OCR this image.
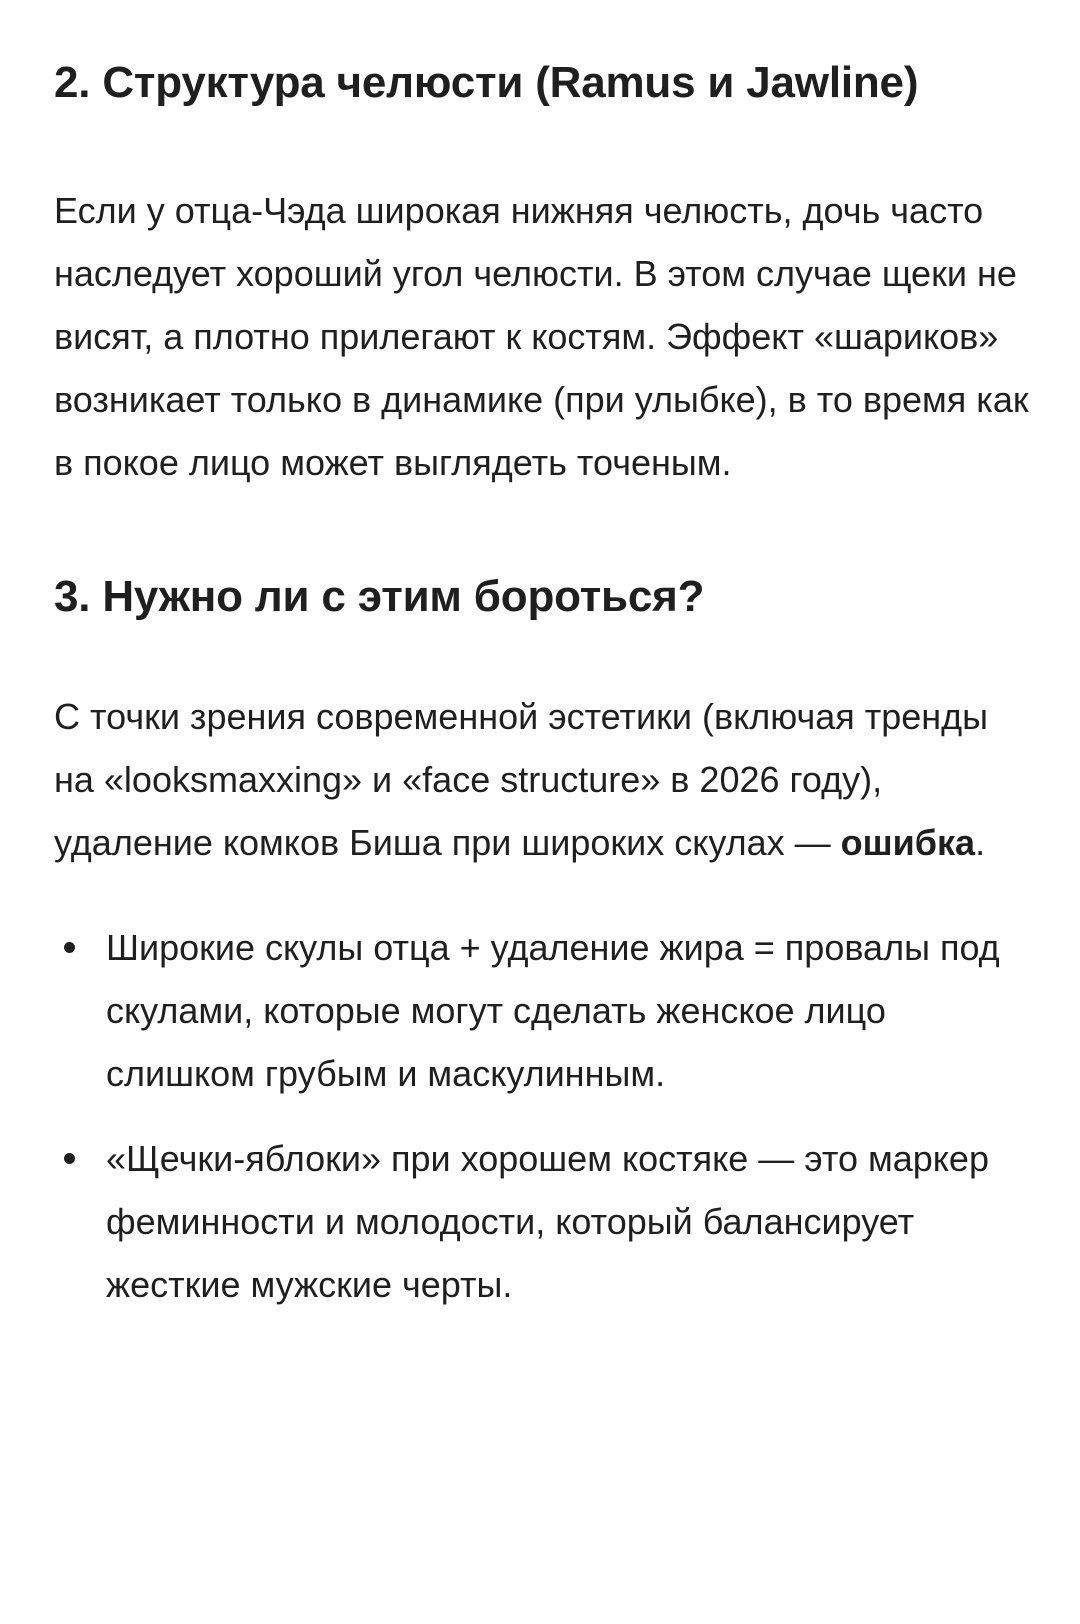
2. Структура челюсти (Ramus и Jawline)

Если у отца-Чэда широкая нижняя челюсть, дочь часто наследует хороший угол челюсти. В этом случае щеки не висят, а плотно прилегают к костям. Эффект «шариков» возникает только в динамике (при улыбке), в то время как в покое лицо может выглядеть точеным.

3. Нужно ли с этим бороться?

С точки зрения современной эстетики (включая тренды на «looksmaxxing» и «face structure» в 2026 году), удаление комков Биша при широких скулах — ошибка.

Широкие скулы отца + удаление жира = провалы под скулами, которые могут сделать женское лицо слишком грубым и маскулинным.
«Щечки-яблоки» при хорошем костяке — это маркер феминности и молодости, который балансирует жесткие мужские черты.
